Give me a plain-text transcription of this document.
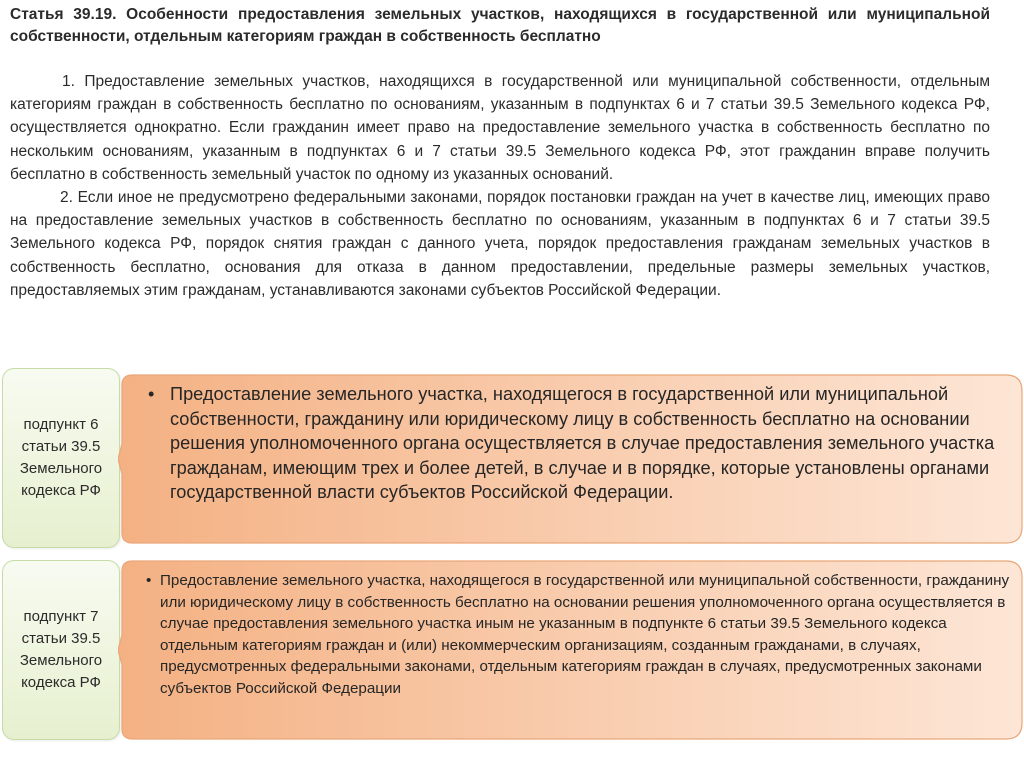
Статья 39.19. Особенности предоставления земельных участков, находящихся в государственной или муниципальной собственности, отдельным категориям граждан в собственность бесплатно

1. Предоставление земельных участков, находящихся в государственной или муниципальной собственности, отдельным категориям граждан в собственность бесплатно по основаниям, указанным в подпунктах 6 и 7 статьи 39.5 Земельного кодекса РФ, осуществляется однократно. Если гражданин имеет право на предоставление земельного участка в собственность бесплатно по нескольким основаниям, указанным в подпунктах 6 и 7 статьи 39.5 Земельного кодекса РФ, этот гражданин вправе получить бесплатно в собственность земельный участок по одному из указанных оснований.

2. Если иное не предусмотрено федеральными законами, порядок постановки граждан на учет в качестве лиц, имеющих право на предоставление земельных участков в собственность бесплатно по основаниям, указанным в подпунктах 6 и 7 статьи 39.5 Земельного кодекса РФ, порядок снятия граждан с данного учета, порядок предоставления гражданам земельных участков в собственность бесплатно, основания для отказа в данном предоставлении, предельные размеры земельных участков, предоставляемых этим гражданам, устанавливаются законами субъектов Российской Федерации.

подпункт 6 статьи 39.5 Земельного кодекса РФ
• Предоставление земельного участка, находящегося в государственной или муниципальной собственности, гражданину или юридическому лицу в собственность бесплатно на основании решения уполномоченного органа осуществляется в случае предоставления земельного участка гражданам, имеющим трех и более детей, в случае и в порядке, которые установлены органами государственной власти субъектов Российской Федерации.
подпункт 7 статьи 39.5 Земельного кодекса РФ
• Предоставление земельного участка, находящегося в государственной или муниципальной собственности, гражданину или юридическому лицу в собственность бесплатно на основании решения уполномоченного органа осуществляется в случае предоставления земельного участка иным не указанным в подпункте 6 статьи 39.5 Земельного кодекса отдельным категориям граждан и (или) некоммерческим организациям, созданным гражданами, в случаях, предусмотренных федеральными законами, отдельным категориям граждан в случаях, предусмотренных законами субъектов Российской Федерации
